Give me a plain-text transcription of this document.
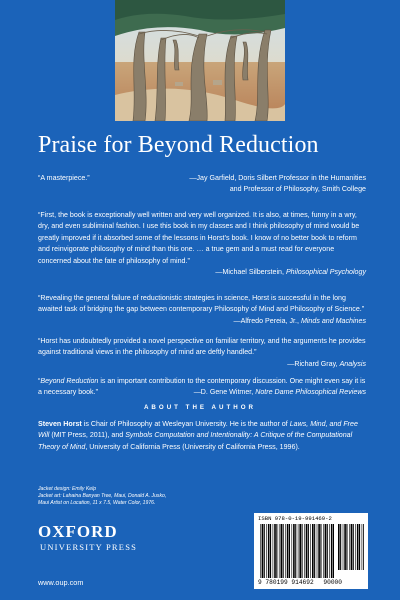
Praise for Beyond Reduction
“A masterpiece.”	—Jay Garfield, Doris Silbert Professor in the Humanities
and Professor of Philosophy, Smith College

“First, the book is exceptionally well written and very well organized. It is also, at times, funny in a wry, dry, and even subliminal fashion. I use this book in my classes and I think philosophy of mind would be greatly improved if it absorbed some of the lessons in Horst’s book. I know of no better book to reform and reinvigorate philosophy of mind than this one. … a true gem and a must read for everyone concerned about the fate of philosophy of mind.”

—Michael Silberstein, Philosophical Psychology

“Revealing the general failure of reductionistic strategies in science, Horst is successful in the long awaited task of bridging the gap between contemporary Philosophy of Mind and Philosophy of Science.”

—Alfredo Pereia, Jr., Minds and Machines

“Horst has undoubtedly provided a novel perspective on familiar territory, and the arguments he provides against traditional views in the philosophy of mind are deftly handled.”

—Richard Gray, Analysis

“Beyond Reduction is an important contribution to the contemporary discussion. One might even say it is a necessary book.”	—D. Gene Witmer, Notre Dame Philosophical Reviews

ABOUT THE AUTHOR

Steven Horst is Chair of Philosophy at Wesleyan University. He is the author of Laws, Mind, and Free Will (MIT Press, 2011), and Symbols Computation and Intentionality: A Critique of the Computational Theory of Mind, University of California Press (University of California Press, 1996).

Jacket design: Emily Kelp

Jacket art: Lahaina Banyan Tree, Maui, Donald A. Jusko,

Maui Artist on Location, 11 x 7.5, Water Color, 1976.

OXFORD
UNIVERSITY PRESS
www.oup.com
ISBN 978-0-19-991469-2
9 780199 914692 90000
